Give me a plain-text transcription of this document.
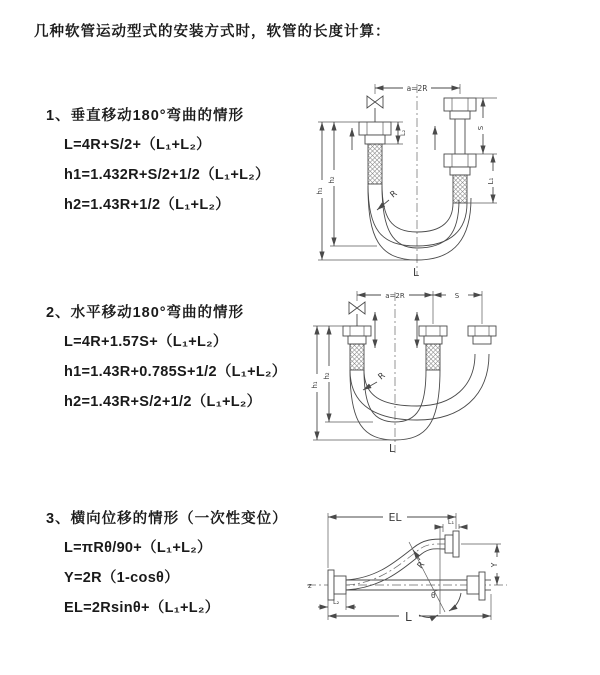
几种软管运动型式的安装方式时，软管的长度计算：
1、垂直移动180°弯曲的情形
L=4R+S/2+（L₁+L₂）
h1=1.432R+S/2+1/2（L₁+L₂）
h2=1.43R+1/2（L₁+L₂）
2、水平移动180°弯曲的情形
L=4R+1.57S+（L₁+L₂）
h1=1.43R+0.785S+1/2（L₁+L₂）
h2=1.43R+S/2+1/2（L₁+L₂）
3、横向位移的情形（一次性变位）
L=πRθ/90+（L₁+L₂）
Y=2R（1-cosθ）
EL=2Rsinθ+（L₁+L₂）
a=2R
S
L₁
L₂
h₁
h₂
R
L
a=2R	S
h₁
h₂	R
L
z
EL	L₁
Y
θ
R
L₂
L
